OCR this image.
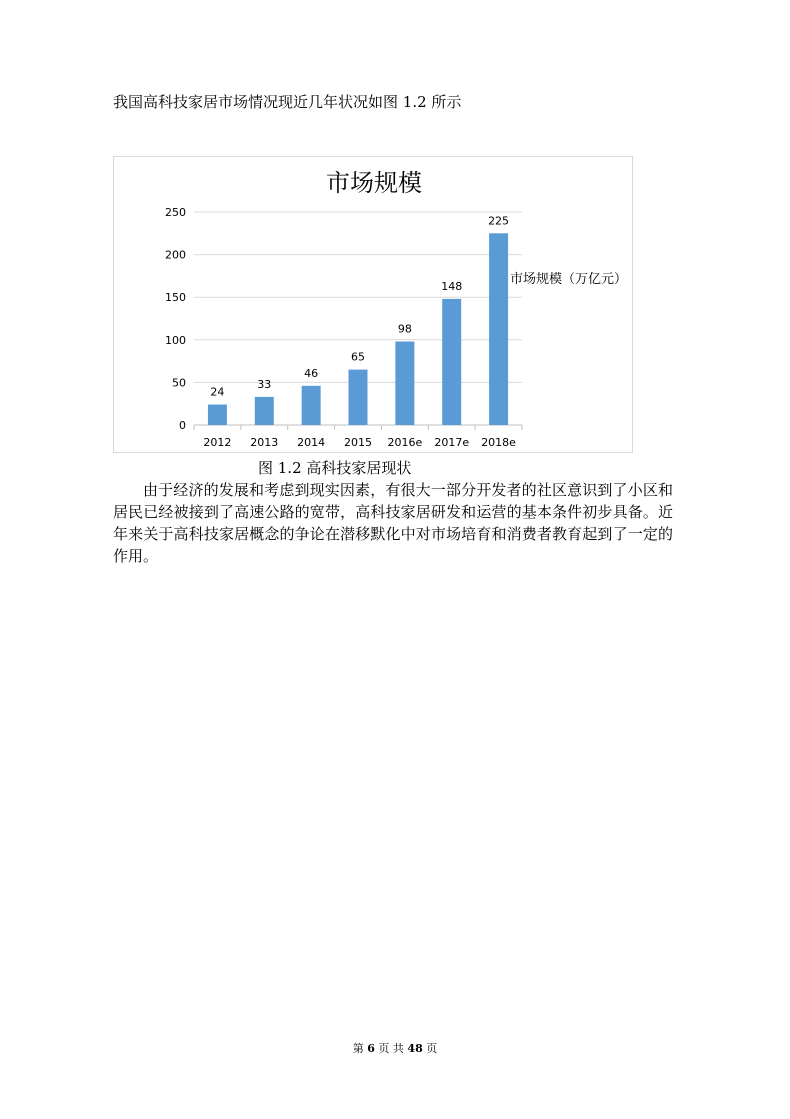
我国高科技家居市场情况现近几年状况如图 1.2 所示
市场规模
0
50
100
150
200
250
24
2012
33
2013
46
2014
65
2015
98
2016e
148
2017e
225
2018e
市场规模（万亿元）
图 1.2 高科技家居现状

由于经济的发展和考虑到现实因素，有很大一部分开发者的社区意识到了小区和居民已经被接到了高速公路的宽带，高科技家居研发和运营的基本条件初步具备。近年来关于高科技家居概念的争论在潜移默化中对市场培育和消费者教育起到了一定的作用。

第 6 页 共 48 页
